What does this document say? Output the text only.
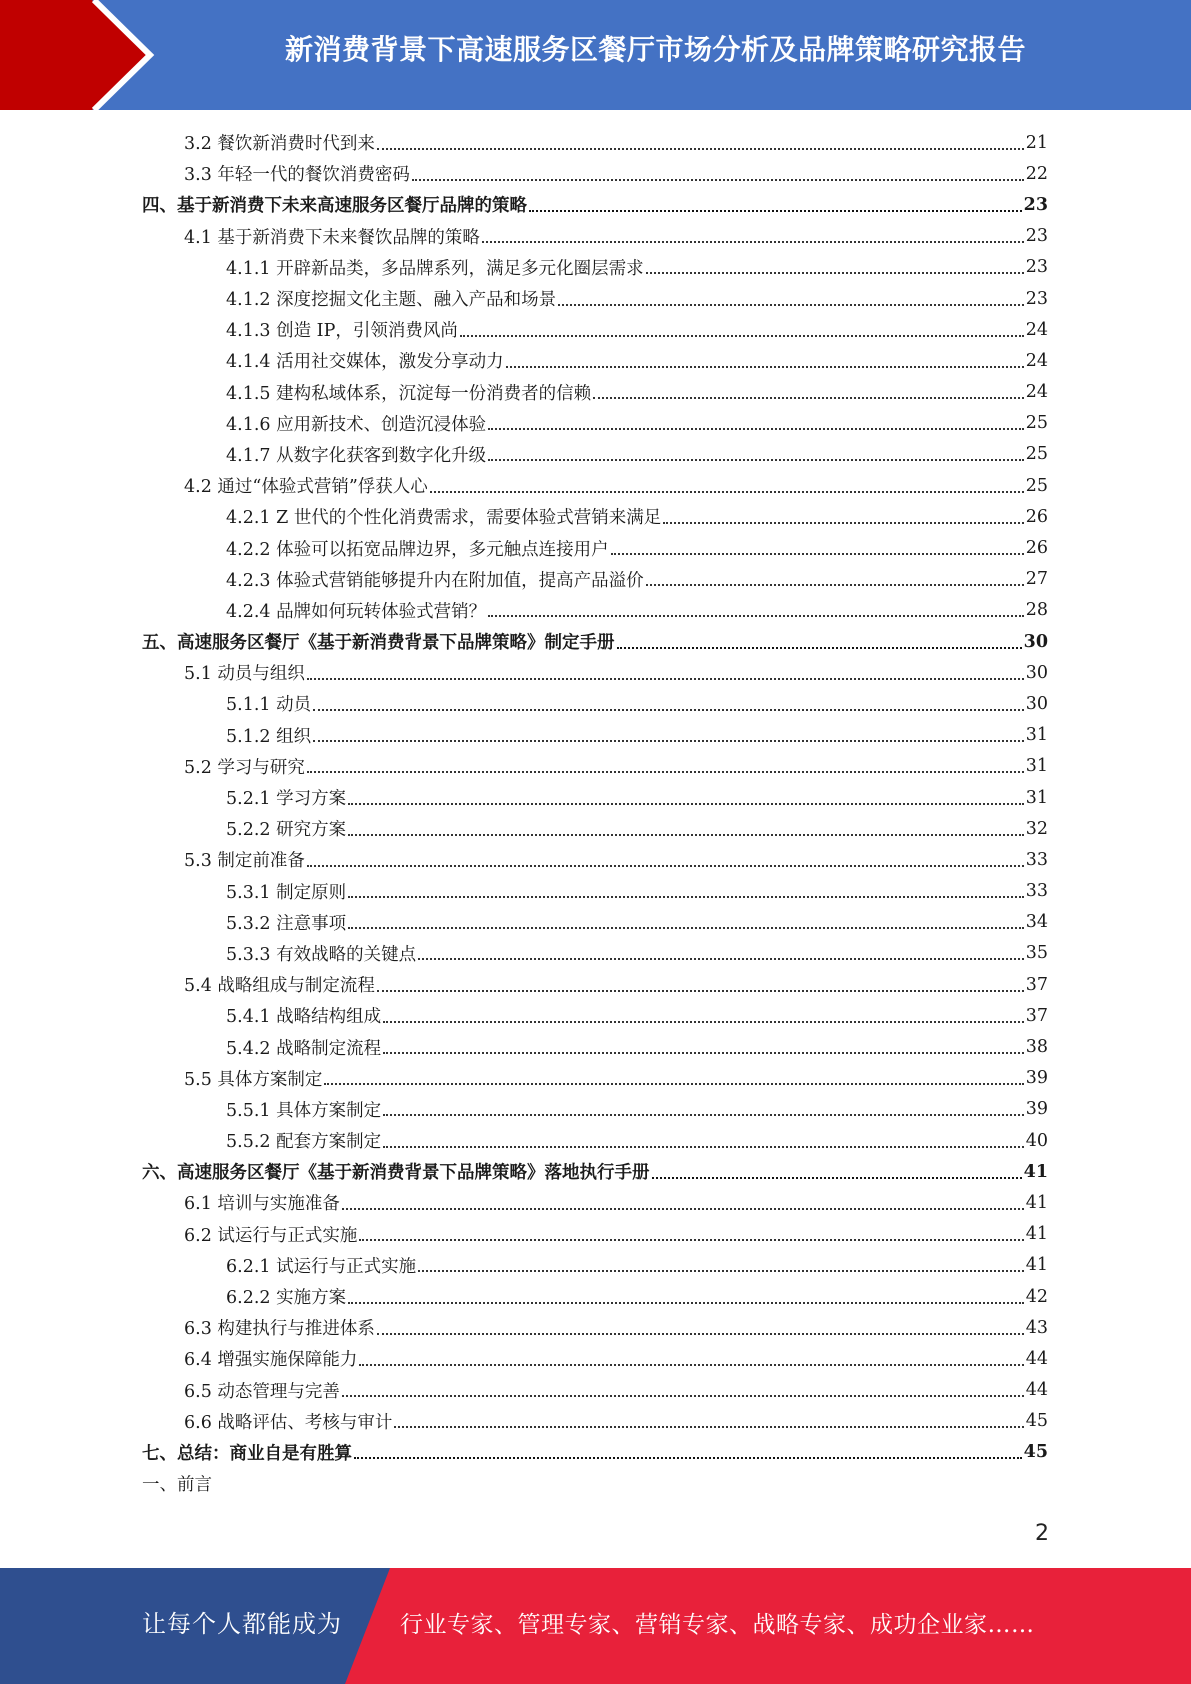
新消费背景下高速服务区餐厅市场分析及品牌策略研究报告
3.2 餐饮新消费时代到来	21
3.3 年轻一代的餐饮消费密码	22
四、基于新消费下未来高速服务区餐厅品牌的策略	23
4.1 基于新消费下未来餐饮品牌的策略	23
4.1.1 开辟新品类，多品牌系列，满足多元化圈层需求	23
4.1.2 深度挖掘文化主题、融入产品和场景	23
4.1.3 创造 IP，引领消费风尚	24
4.1.4 活用社交媒体，激发分享动力	24
4.1.5 建构私域体系，沉淀每一份消费者的信赖	24
4.1.6 应用新技术、创造沉浸体验	25
4.1.7 从数字化获客到数字化升级	25
4.2 通过“体验式营销”俘获人心	25
4.2.1 Z 世代的个性化消费需求，需要体验式营销来满足	26
4.2.2 体验可以拓宽品牌边界，多元触点连接用户	26
4.2.3 体验式营销能够提升内在附加值，提高产品溢价	27
4.2.4 品牌如何玩转体验式营销？	28
五、高速服务区餐厅《基于新消费背景下品牌策略》制定手册	30
5.1 动员与组织	30
5.1.1 动员	30
5.1.2 组织	31
5.2 学习与研究	31
5.2.1 学习方案	31
5.2.2 研究方案	32
5.3 制定前准备	33
5.3.1 制定原则	33
5.3.2 注意事项	34
5.3.3 有效战略的关键点	35
5.4 战略组成与制定流程	37
5.4.1 战略结构组成	37
5.4.2 战略制定流程	38
5.5 具体方案制定	39
5.5.1 具体方案制定	39
5.5.2 配套方案制定	40
六、高速服务区餐厅《基于新消费背景下品牌策略》落地执行手册	41
6.1 培训与实施准备	41
6.2 试运行与正式实施	41
6.2.1 试运行与正式实施	41
6.2.2 实施方案	42
6.3 构建执行与推进体系	43
6.4 增强实施保障能力	44
6.5 动态管理与完善	44
6.6 战略评估、考核与审计	45
七、总结：商业自是有胜算	45
一、前言
2
让每个人都能成为	行业专家、管理专家、营销专家、战略专家、成功企业家……
